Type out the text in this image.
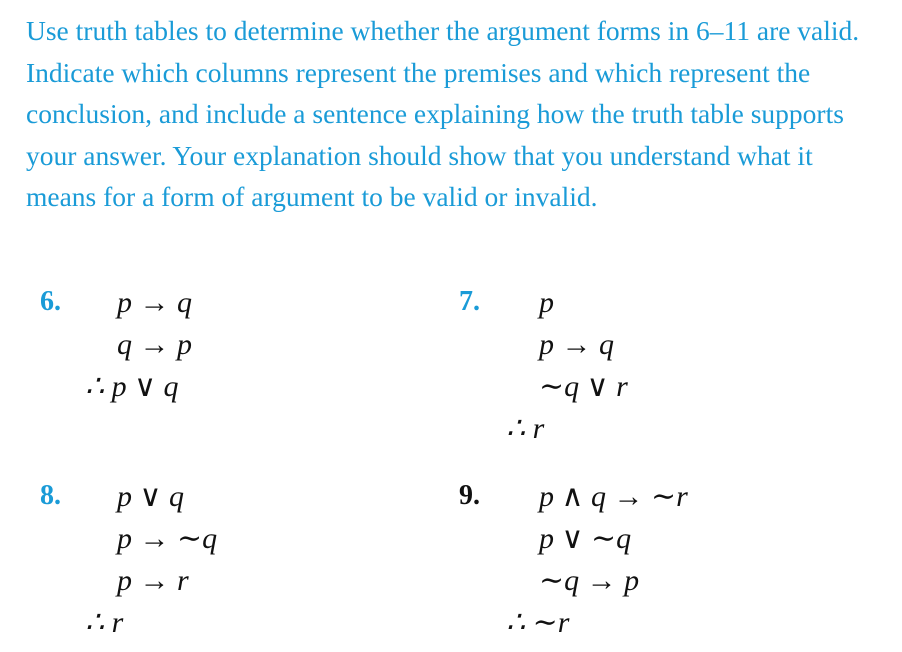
Use truth tables to determine whether the argument forms in 6–11 are valid. Indicate which columns represent the premises and which represent the conclusion, and include a sentence explaining how the truth table supports your answer. Your explanation should show that you understand what it means for a form of argument to be valid or invalid.

6. p → q
q → p
∴ p ∨ q
7. p
p → q
∼q ∨ r
∴ r
8. p ∨ q
p → ∼q
p → r
∴ r
9. p ∧ q → ∼r
p ∨ ∼q
∼q → p
∴ ∼r
